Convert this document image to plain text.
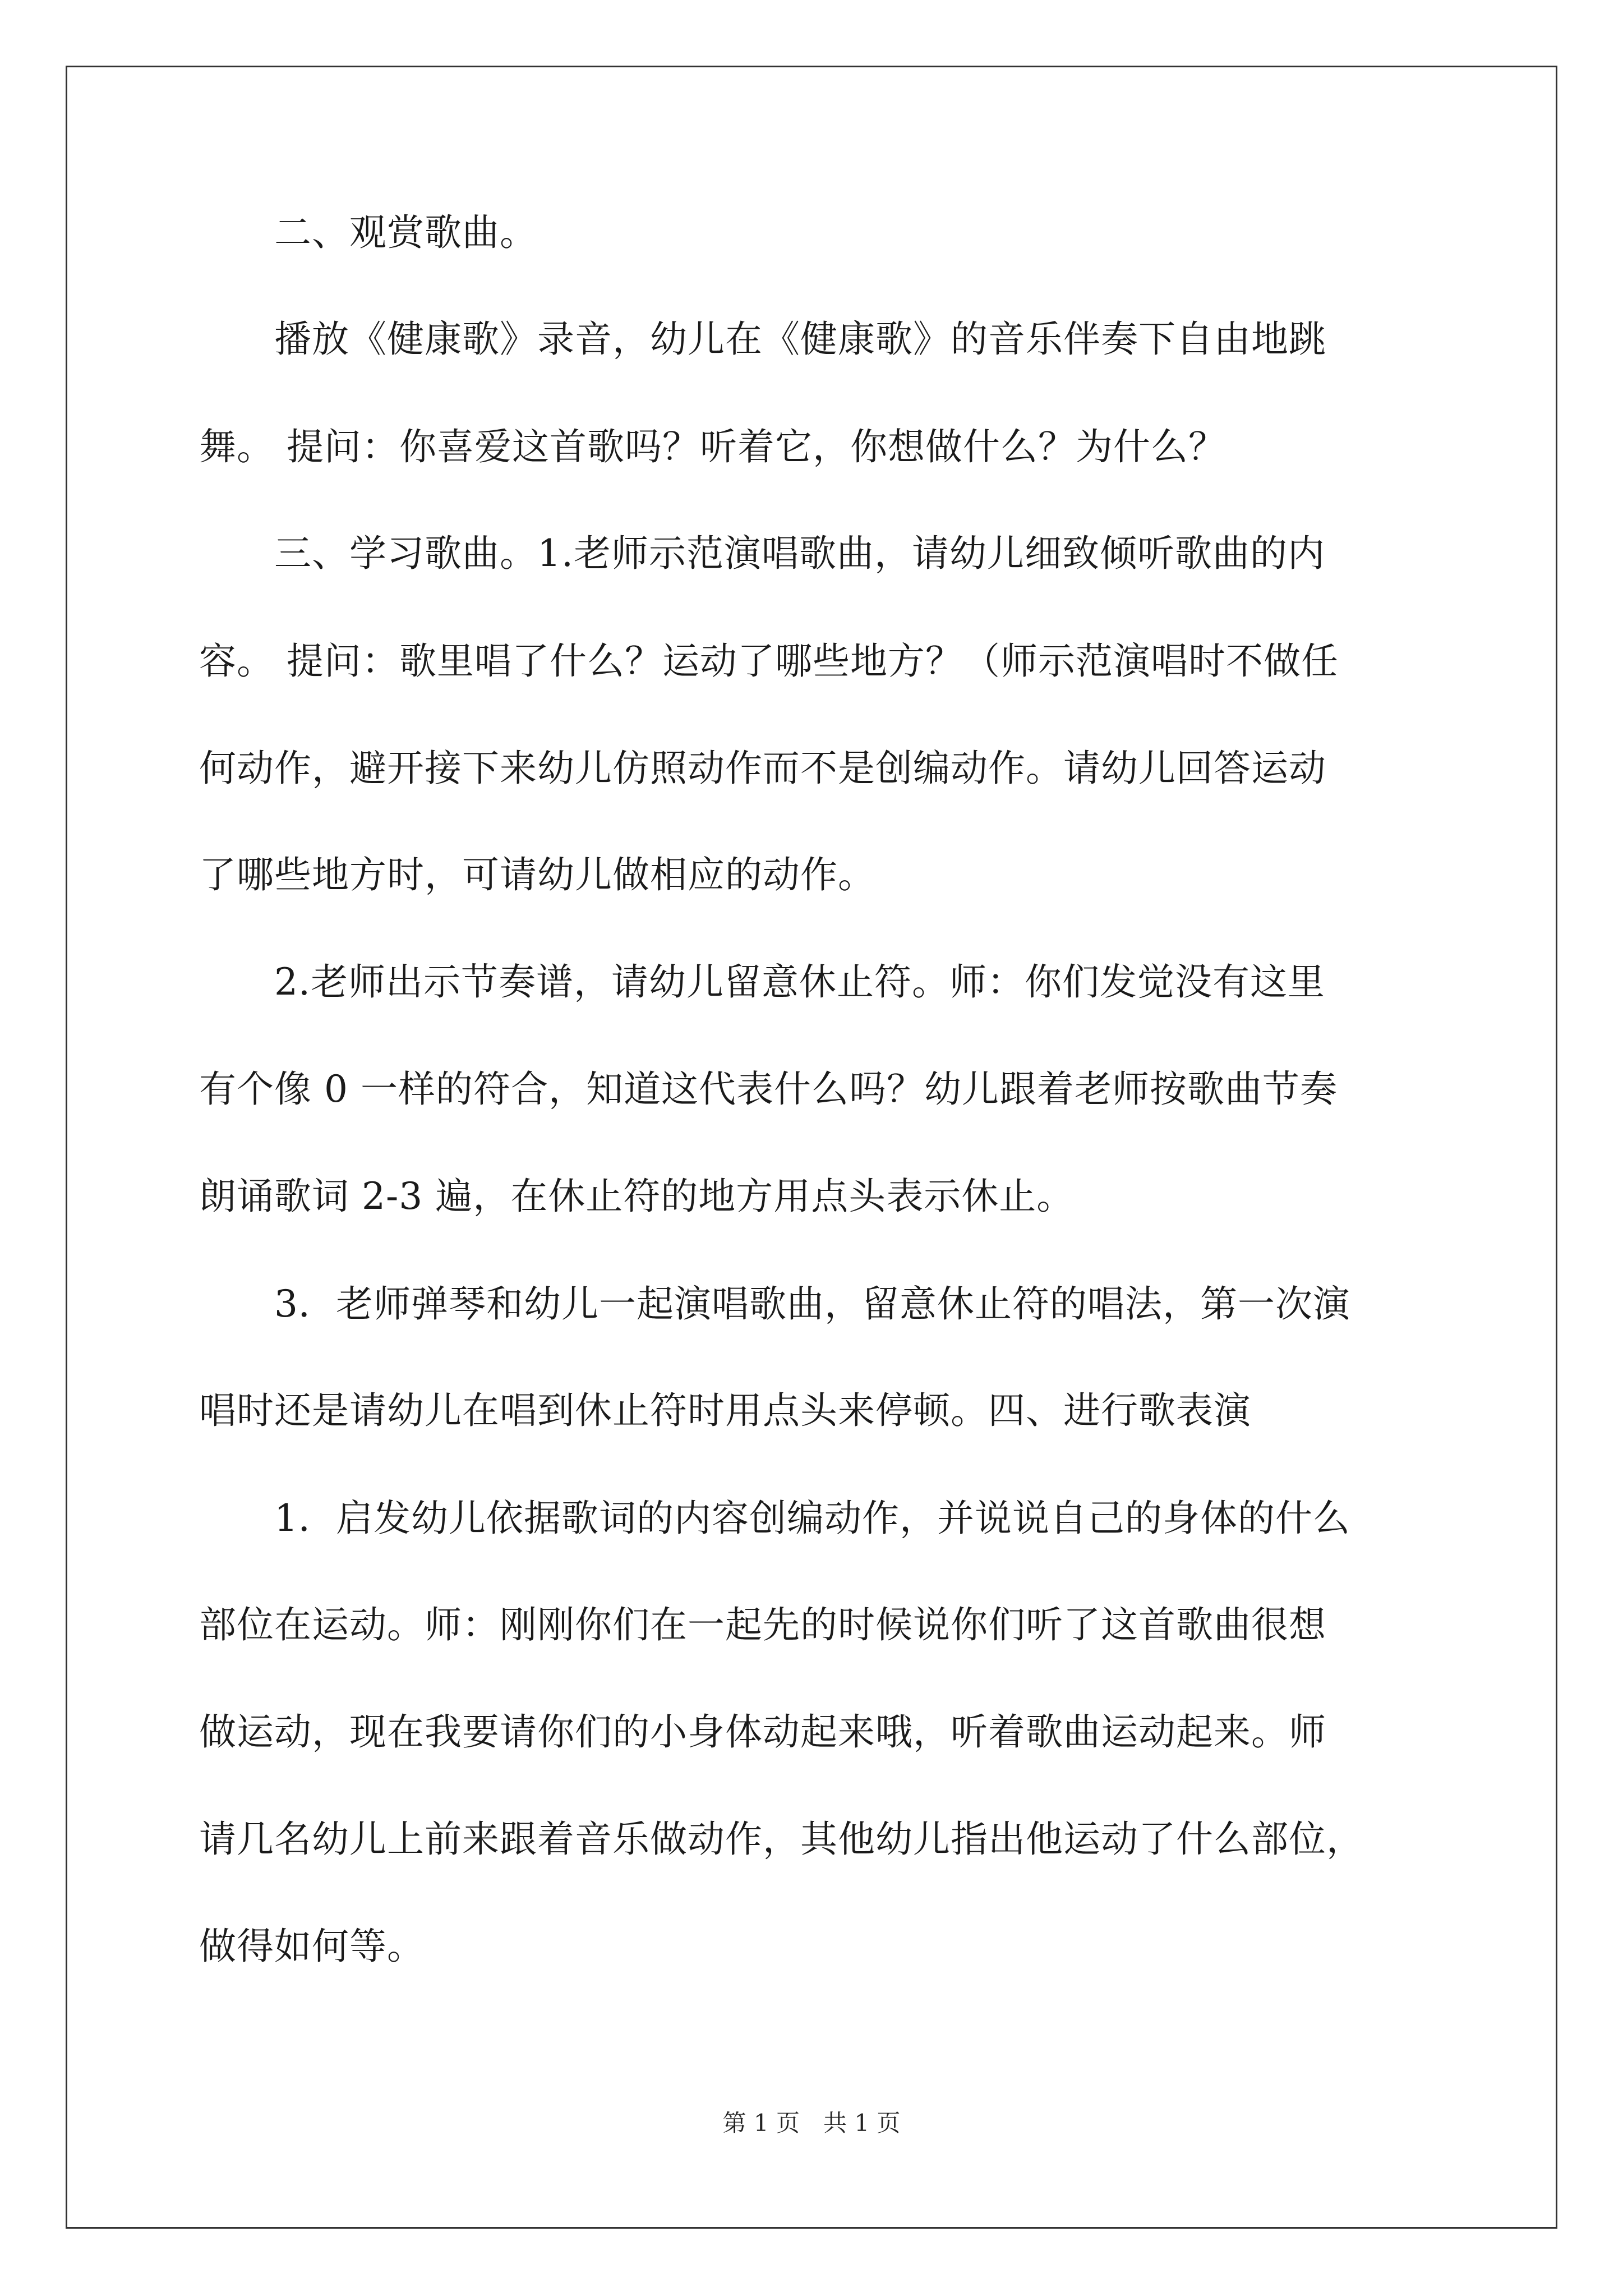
　　二、观赏歌曲。
　　播放《健康歌》录音，幼儿在《健康歌》的音乐伴奏下自由地跳
舞。 提问：你喜爱这首歌吗？听着它，你想做什么？为什么？
　　三、学习歌曲。1.老师示范演唱歌曲，请幼儿细致倾听歌曲的内
容。 提问：歌里唱了什么？运动了哪些地方？（师示范演唱时不做任
何动作，避开接下来幼儿仿照动作而不是创编动作。请幼儿回答运动
了哪些地方时，可请幼儿做相应的动作。
　　2.老师出示节奏谱，请幼儿留意休止符。师：你们发觉没有这里
有个像 0 一样的符合，知道这代表什么吗？幼儿跟着老师按歌曲节奏
朗诵歌词 2-3 遍，在休止符的地方用点头表示休止。
　　3．老师弹琴和幼儿一起演唱歌曲，留意休止符的唱法，第一次演
唱时还是请幼儿在唱到休止符时用点头来停顿。四、进行歌表演
　　1．启发幼儿依据歌词的内容创编动作，并说说自己的身体的什么
部位在运动。师：刚刚你们在一起先的时候说你们听了这首歌曲很想
做运动，现在我要请你们的小身体动起来哦，听着歌曲运动起来。师
请几名幼儿上前来跟着音乐做动作，其他幼儿指出他运动了什么部位，
做得如何等。
第 1 页　共 1 页
